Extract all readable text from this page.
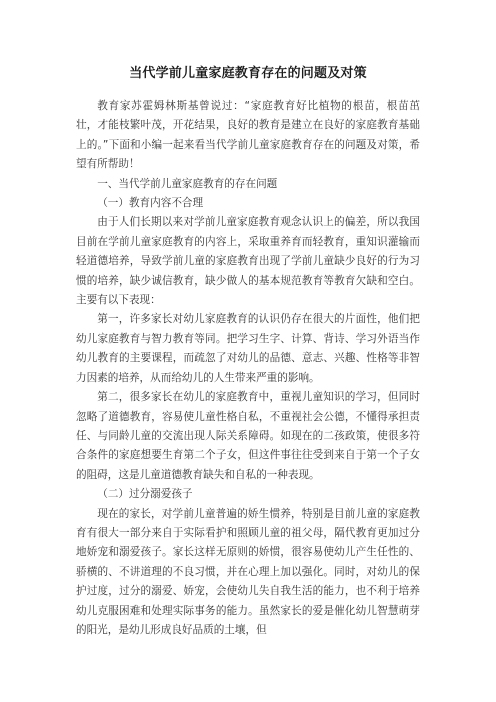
当代学前儿童家庭教育存在的问题及对策

教育家苏霍姆林斯基曾说过：“家庭教育好比植物的根苗，根苗茁壮，才能枝繁叶茂，开花结果，良好的教育是建立在良好的家庭教育基础上的。”下面和小编一起来看当代学前儿童家庭教育存在的问题及对策，希望有所帮助！

一、当代学前儿童家庭教育的存在问题

（一）教育内容不合理

由于人们长期以来对学前儿童家庭教育观念认识上的偏差，所以我国目前在学前儿童家庭教育的内容上，采取重养育而轻教育，重知识灌输而轻道德培养，导致学前儿童的家庭教育出现了学前儿童缺少良好的行为习惯的培养，缺少诚信教育，缺少做人的基本规范教育等教育欠缺和空白。主要有以下表现：

第一，许多家长对幼儿家庭教育的认识仍存在很大的片面性，他们把幼儿家庭教育与智力教育等同。把学习生字、计算、背诗、学习外语当作幼儿教育的主要课程，而疏忽了对幼儿的品德、意志、兴趣、性格等非智力因素的培养，从而给幼儿的人生带来严重的影响。

第二，很多家长在幼儿的家庭教育中，重视儿童知识的学习，但同时忽略了道德教育，容易使儿童性格自私，不重视社会公德，不懂得承担责任、与同龄儿童的交流出现人际关系障碍。如现在的二孩政策，使很多符合条件的家庭想要生育第二个子女，但这件事往往受到来自于第一个子女的阻碍，这是儿童道德教育缺失和自私的一种表现。

（二）过分溺爱孩子

现在的家长，对学前儿童普遍的娇生惯养，特别是目前儿童的家庭教育有很大一部分来自于实际看护和照顾儿童的祖父母，隔代教育更加过分地娇宠和溺爱孩子。家长这样无原则的娇惯，很容易使幼儿产生任性的、骄横的、不讲道理的不良习惯，并在心理上加以强化。同时，对幼儿的保护过度，过分的溺爱、娇宠，会使幼儿失自我生活的能力，也不利于培养幼儿克服困难和处理实际事务的能力。虽然家长的爱是催化幼儿智慧萌芽的阳光，是幼儿形成良好品质的土壤，但
